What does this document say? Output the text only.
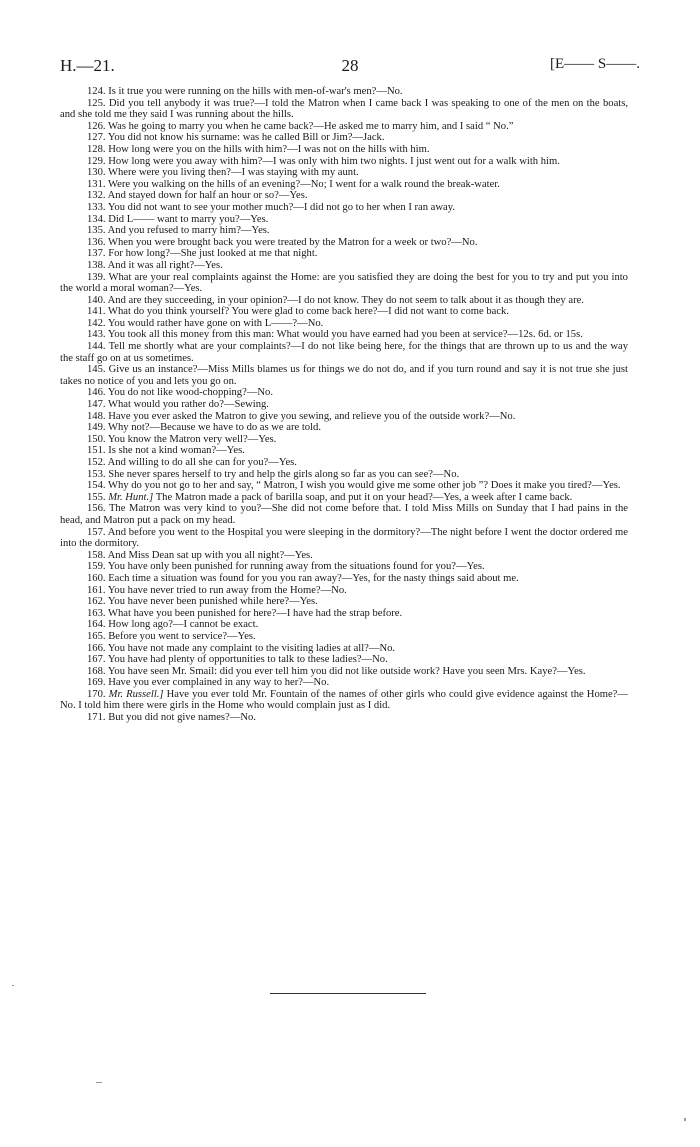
H.—21.	28	[E—— S——.

124. Is it true you were running on the hills with men-of-war's men?—No.

125. Did you tell anybody it was true?—I told the Matron when I came back I was speaking to one of the men on the boats, and she told me they said I was running about the hills.

126. Was he going to marry you when he came back?—He asked me to marry him, and I said “ No.”

127. You did not know his surname: was he called Bill or Jim?—Jack.

128. How long were you on the hills with him?—I was not on the hills with him.

129. How long were you away with him?—I was only with him two nights. I just went out for a walk with him.

130. Where were you living then?—I was staying with my aunt.

131. Were you walking on the hills of an evening?—No; I went for a walk round the break-water.

132. And stayed down for half an hour or so?—Yes.

133. You did not want to see your mother much?—I did not go to her when I ran away.

134. Did L—— want to marry you?—Yes.

135. And you refused to marry him?—Yes.

136. When you were brought back you were treated by the Matron for a week or two?—No.

137. For how long?—She just looked at me that night.

138. And it was all right?—Yes.

139. What are your real complaints against the Home: are you satisfied they are doing the best for you to try and put you into the world a moral woman?—Yes.

140. And are they succeeding, in your opinion?—I do not know. They do not seem to talk about it as though they are.

141. What do you think yourself? You were glad to come back here?—I did not want to come back.

142. You would rather have gone on with L——?—No.

143. You took all this money from this man: What would you have earned had you been at service?—12s. 6d. or 15s.

144. Tell me shortly what are your complaints?—I do not like being here, for the things that are thrown up to us and the way the staff go on at us sometimes.

145. Give us an instance?—Miss Mills blames us for things we do not do, and if you turn round and say it is not true she just takes no notice of you and lets you go on.

146. You do not like wood-chopping?—No.

147. What would you rather do?—Sewing.

148. Have you ever asked the Matron to give you sewing, and relieve you of the outside work?—No.

149. Why not?—Because we have to do as we are told.

150. You know the Matron very well?—Yes.

151. Is she not a kind woman?—Yes.

152. And willing to do all she can for you?—Yes.

153. She never spares herself to try and help the girls along so far as you can see?—No.

154. Why do you not go to her and say, “ Matron, I wish you would give me some other job ”? Does it make you tired?—Yes.

155. Mr. Hunt.] The Matron made a pack of barilla soap, and put it on your head?—Yes, a week after I came back.

156. The Matron was very kind to you?—She did not come before that. I told Miss Mills on Sunday that I had pains in the head, and Matron put a pack on my head.

157. And before you went to the Hospital you were sleeping in the dormitory?—The night before I went the doctor ordered me into the dormitory.

158. And Miss Dean sat up with you all night?—Yes.

159. You have only been punished for running away from the situations found for you?—Yes.

160. Each time a situation was found for you you ran away?—Yes, for the nasty things said about me.

161. You have never tried to run away from the Home?—No.

162. You have never been punished while here?—Yes.

163. What have you been punished for here?—I have had the strap before.

164. How long ago?—I cannot be exact.

165. Before you went to service?—Yes.

166. You have not made any complaint to the visiting ladies at all?—No.

167. You have had plenty of opportunities to talk to these ladies?—No.

168. You have seen Mr. Smail: did you ever tell him you did not like outside work? Have you seen Mrs. Kaye?—Yes.

169. Have you ever complained in any way to her?—No.

170. Mr. Russell.] Have you ever told Mr. Fountain of the names of other girls who could give evidence against the Home?—No. I told him there were girls in the Home who would complain just as I did.

171. But you did not give names?—No.
